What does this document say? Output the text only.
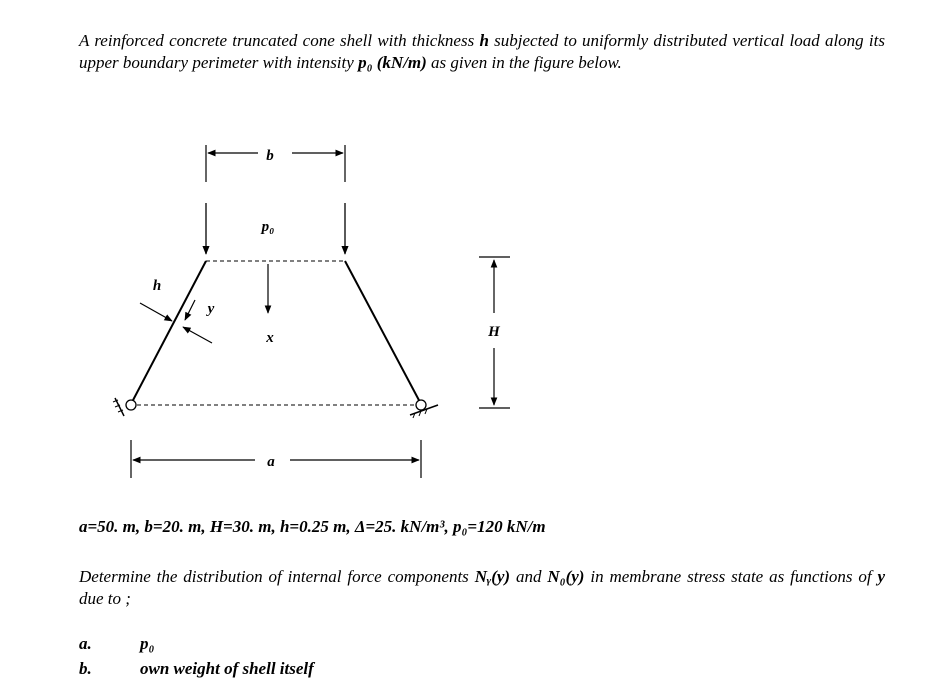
A reinforced concrete truncated cone shell with thickness h subjected to uniformly distributed vertical load along its upper boundary perimeter with intensity p₀ (kN/m) as given in the figure below.
b
p₀
x
h
y
H
a
a=50. m, b=20. m, H=30. m, h=0.25 m, Δ=25. kN/m³, p₀=120 kN/m
Determine the distribution of internal force components Nᵧ(y) and N₀(y) in membrane stress state as functions of y due to ;
a.	p₀
b.	own weight of shell itself
